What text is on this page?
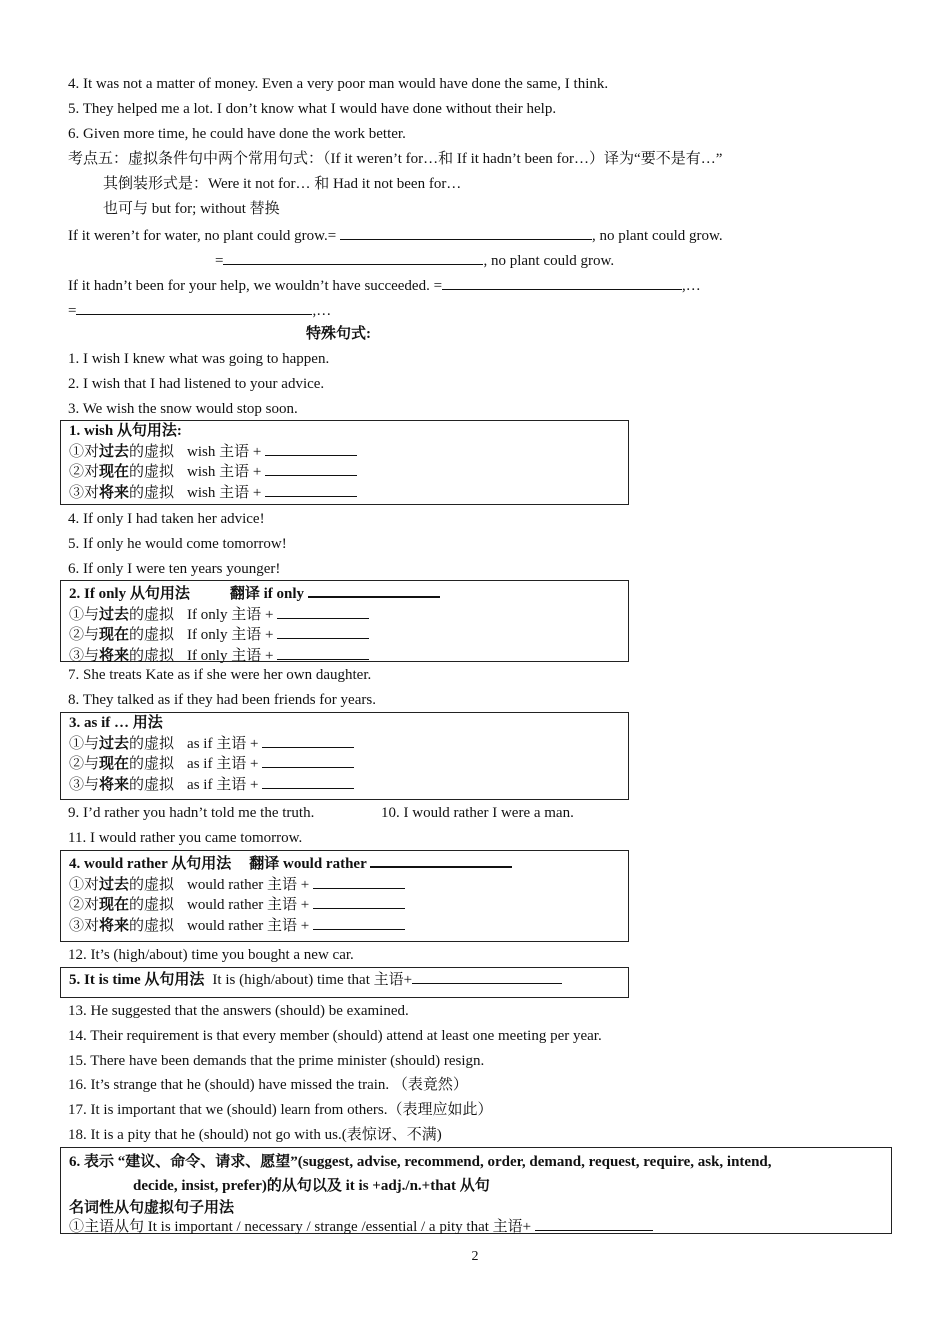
4. It was not a matter of money. Even a very poor man would have done the same, I think.
5. They helped me a lot. I don’t know what I would have done without their help.
6. Given more time, he could have done the work better.
考点五：虚拟条件句中两个常用句式：（If it weren’t for…和 If it hadn’t been for…）译为“要不是有…”
其倒装形式是：Were it not for… 和 Had it not been for…
也可与 but for; without 替换
If it weren’t for water, no plant could grow.=	, no plant could grow.
=	, no plant could grow.
If it hadn’t been for your help, we wouldn’t have succeeded. =	,…
=	,…
特殊句式:
1. I wish I knew what was going to happen.
2. I wish that I had listened to your advice.
3. We wish the snow would stop soon.
1. wish 从句用法:
①对过去的虚拟 wish 主语 +
②对现在的虚拟 wish 主语 +
③对将来的虚拟 wish 主语 +
4. If only I had taken her advice!
5. If only he would come tomorrow!
6. If only I were ten years younger!
2. If only 从句用法	翻译 if only
①与过去的虚拟 If only 主语 +
②与现在的虚拟 If only 主语 +
③与将来的虚拟 If only 主语 +
7. She treats Kate as if she were her own daughter.
8. They talked as if they had been friends for years.
3. as if … 用法
①与过去的虚拟 as if 主语 +
②与现在的虚拟 as if 主语 +
③与将来的虚拟 as if 主语 +
9. I’d rather you hadn’t told me the truth.	10. I would rather I were a man.
11. I would rather you came tomorrow.
4. would rather 从句用法 翻译 would rather
①对过去的虚拟 would rather 主语 +
②对现在的虚拟 would rather 主语 +
③对将来的虚拟 would rather 主语 +
12. It’s (high/about) time you bought a new car.
5. It is time 从句用法 It is (high/about) time that 主语+
13. He suggested that the answers (should) be examined.
14. Their requirement is that every member (should) attend at least one meeting per year.
15. There have been demands that the prime minister (should) resign.
16. It’s strange that he (should) have missed the train. （表竟然）
17. It is important that we (should) learn from others.（表理应如此）
18. It is a pity that he (should) not go with us.(表惊讶、不满)
6. 表示 “建议、命令、请求、愿望”(suggest, advise, recommend, order, demand, request, require, ask, intend,
decide, insist, prefer)的从句以及 it is +adj./n.+that 从句
名词性从句虚拟句子用法
①主语从句 It is important / necessary / strange /essential / a pity that 主语+
2
